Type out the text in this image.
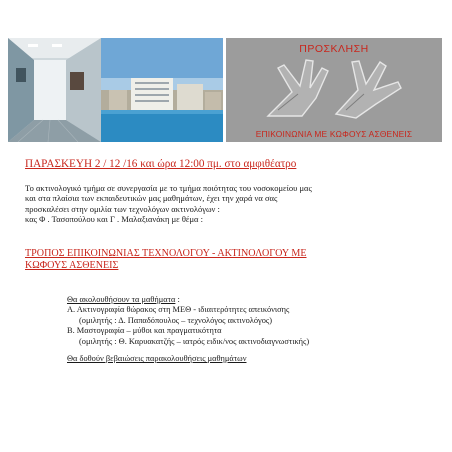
ΠΡΟΣΚΛΗΣΗ
ΕΠΙΚΟΙΝΩΝΙΑ ΜΕ ΚΩΦΟΥΣ ΑΣΘΕΝΕΙΣ
ΠΑΡΑΣΚΕΥΗ 2 / 12 /16 και ώρα 12:00 πμ. στο αμφιθέατρο
Το ακτινολογικό τμήμα σε συνεργασία με το τμήμα ποιότητας του νοσοκομείου μας
και στα πλαίσια των εκπαιδευτικών μας μαθημάτων, έχει την χαρά να σας
προσκαλέσει στην ομιλία των τεχνολόγων ακτινολόγων :
κας Φ . Τασοπούλου και Γ . Μαλαξιανάκη με θέμα :
ΤΡΟΠΟΣ ΕΠΙΚΟΙΝΩΝΙΑΣ ΤΕΧΝΟΛΟΓΟΥ - ΑΚΤΙΝΟΛΟΓΟΥ ΜΕ
ΚΩΦΟΥΣ ΑΣΘΕΝΕΙΣ
Θα ακολουθήσουν τα μαθήματα :
Α. Ακτινογραφία θώρακος στη ΜΕΘ - ιδιαιτερότητες απεικόνισης
(ομιλητής : Δ. Παπαδόπουλος – τεχνολόγος ακτινολόγος)
Β. Μαστογραφία – μύθοι και πραγματικότητα
(ομιλητής : Θ. Καρυακατζής – ιατρός ειδικ/νος ακτινοδιαγνωστικής)
Θα δοθούν βεβαιώσεις παρακολουθήσεις μαθημάτων
